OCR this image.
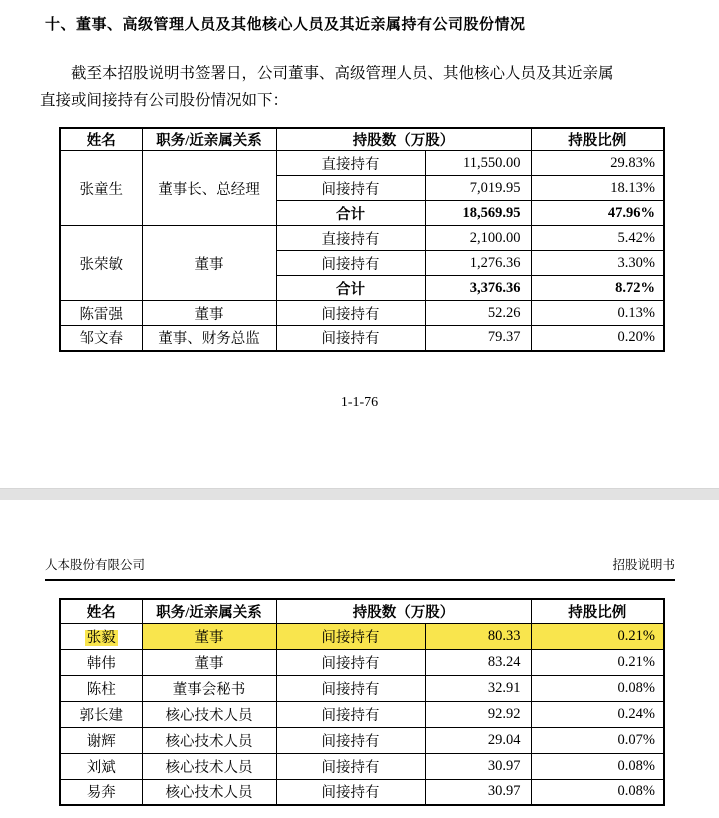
十、董事、高级管理人员及其他核心人员及其近亲属持有公司股份情况
截至本招股说明书签署日，公司董事、高级管理人员、其他核心人员及其近亲属
直接或间接持有公司股份情况如下：
姓名	职务/近亲属关系	持股数（万股）		持股比例
张童生	董事长、总经理	直接持有	11,550.00	29.83%
		间接持有	7,019.95	18.13%
		合计	18,569.95	47.96%
张荣敏	董事	直接持有	2,100.00	5.42%
		间接持有	1,276.36	3.30%
		合计	3,376.36	8.72%
陈雷强	董事	间接持有	52.26	0.13%
邹文春	董事、财务总监	间接持有	79.37	0.20%
1-1-76
人本股份有限公司	招股说明书
姓名	职务/近亲属关系	持股数（万股）		持股比例
张毅	董事	间接持有	80.33	0.21%
韩伟	董事	间接持有	83.24	0.21%
陈柱	董事会秘书	间接持有	32.91	0.08%
郭长建	核心技术人员	间接持有	92.92	0.24%
谢辉	核心技术人员	间接持有	29.04	0.07%
刘斌	核心技术人员	间接持有	30.97	0.08%
易奔	核心技术人员	间接持有	30.97	0.08%
